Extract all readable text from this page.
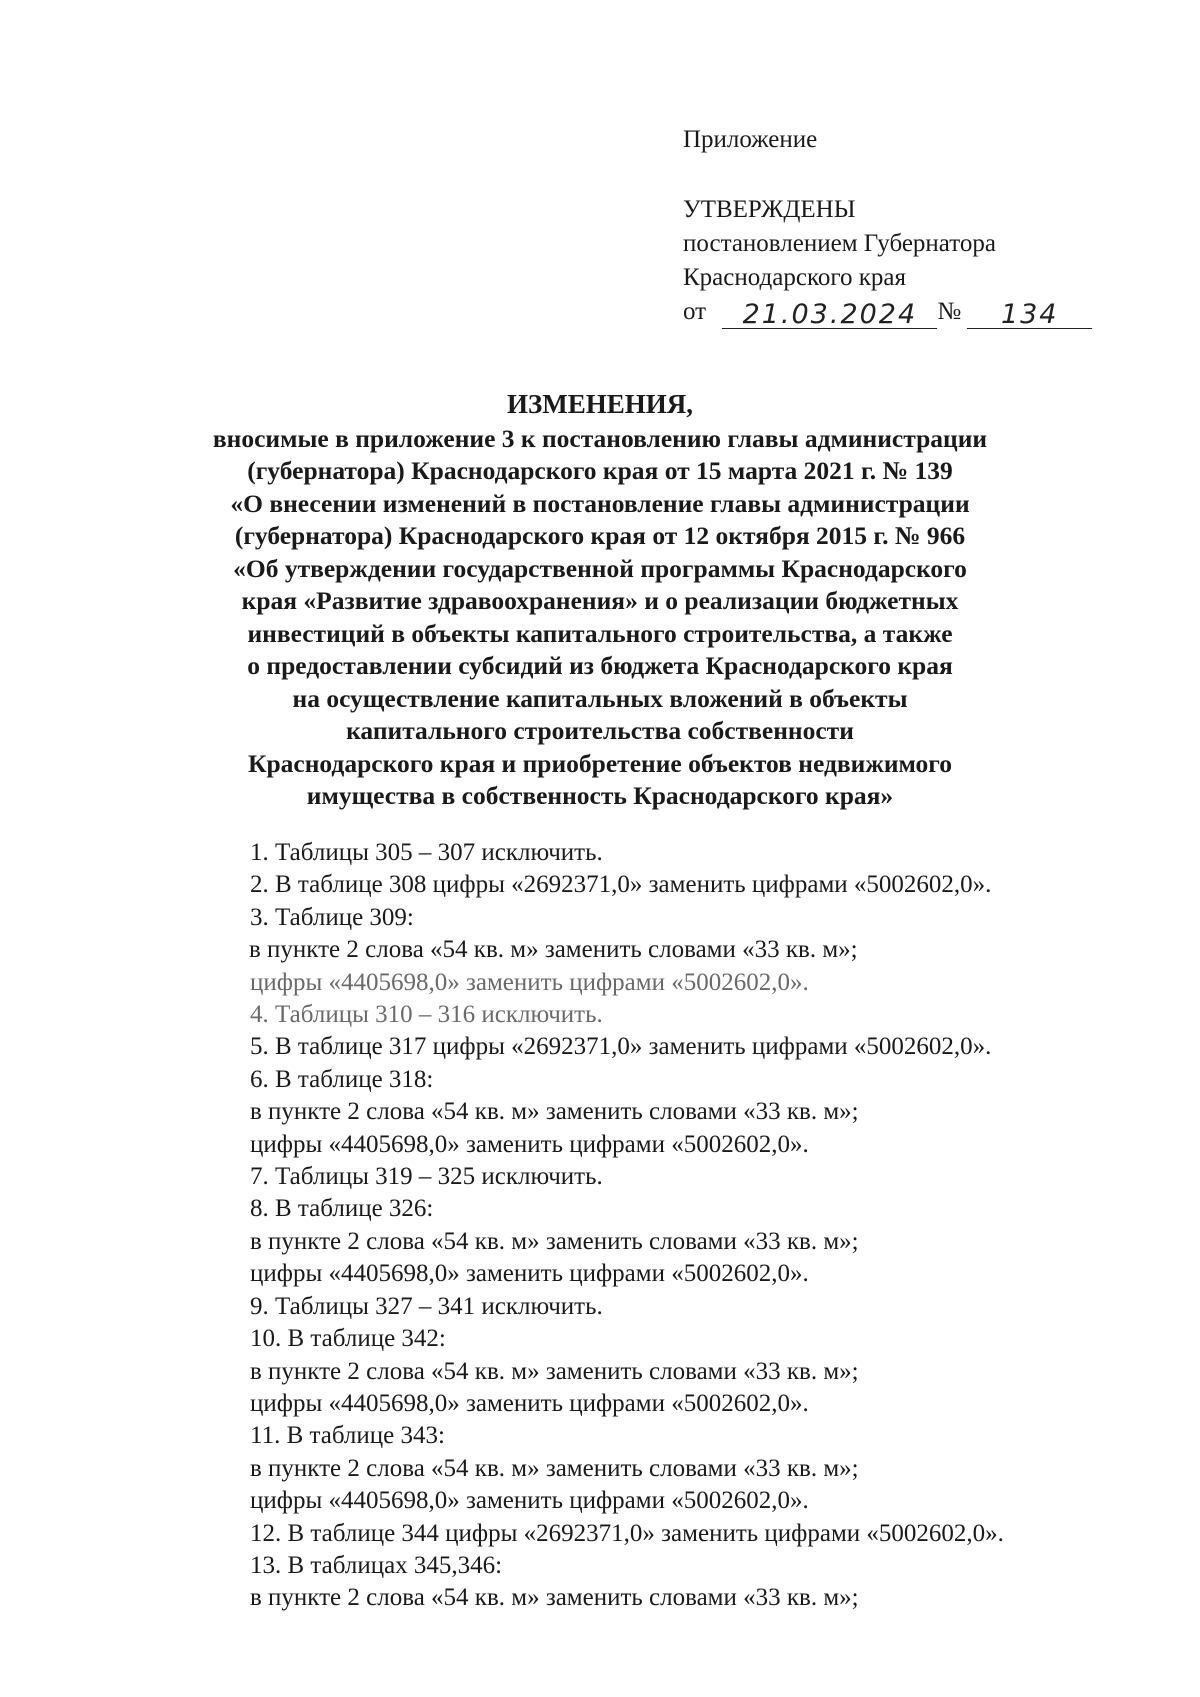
Приложение
УТВЕРЖДЕНЫ
постановлением Губернатора
Краснодарского края
от 21.03.2024 № 134
ИЗМЕНЕНИЯ,
вносимые в приложение 3 к постановлению главы администрации
(губернатора) Краснодарского края от 15 марта 2021 г. № 139
«О внесении изменений в постановление главы администрации
(губернатора) Краснодарского края от 12 октября 2015 г. № 966
«Об утверждении государственной программы Краснодарского
края «Развитие здравоохранения» и о реализации бюджетных
инвестиций в объекты капитального строительства, а также
о предоставлении субсидий из бюджета Краснодарского края
на осуществление капитальных вложений в объекты
капитального строительства собственности
Краснодарского края и приобретение объектов недвижимого
имущества в собственность Краснодарского края»
1. Таблицы 305 – 307 исключить.
2. В таблице 308 цифры «2692371,0» заменить цифрами «5002602,0».
3. Таблице 309:
в пункте 2 слова «54 кв. м» заменить словами «33 кв. м»;
цифры «4405698,0» заменить цифрами «5002602,0».
4. Таблицы 310 – 316 исключить.
5. В таблице 317 цифры «2692371,0» заменить цифрами «5002602,0».
6. В таблице 318:
в пункте 2 слова «54 кв. м» заменить словами «33 кв. м»;
цифры «4405698,0» заменить цифрами «5002602,0».
7. Таблицы 319 – 325 исключить.
8. В таблице 326:
в пункте 2 слова «54 кв. м» заменить словами «33 кв. м»;
цифры «4405698,0» заменить цифрами «5002602,0».
9. Таблицы 327 – 341 исключить.
10. В таблице 342:
в пункте 2 слова «54 кв. м» заменить словами «33 кв. м»;
цифры «4405698,0» заменить цифрами «5002602,0».
11. В таблице 343:
в пункте 2 слова «54 кв. м» заменить словами «33 кв. м»;
цифры «4405698,0» заменить цифрами «5002602,0».
12. В таблице 344 цифры «2692371,0» заменить цифрами «5002602,0».
13. В таблицах 345,346:
в пункте 2 слова «54 кв. м» заменить словами «33 кв. м»;
